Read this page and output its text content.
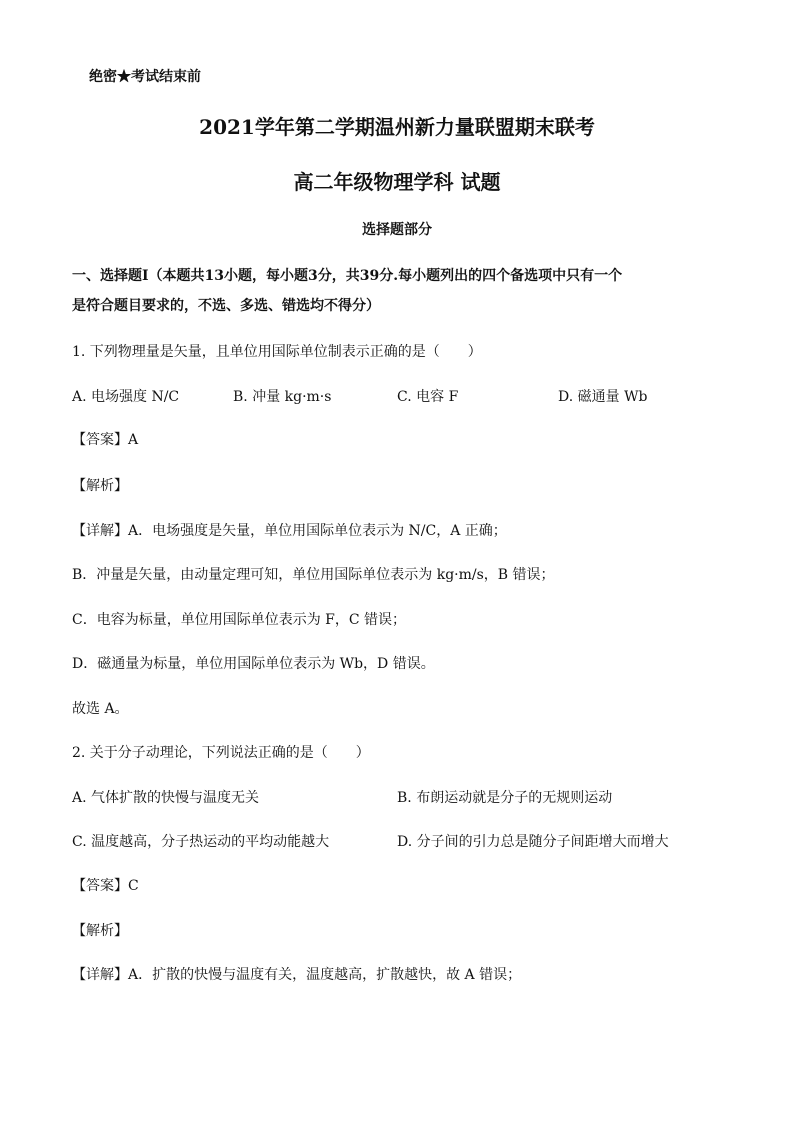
绝密★考试结束前
2021学年第二学期温州新力量联盟期末联考
高二年级物理学科 试题
选择题部分
一、选择题Ⅰ（本题共13小题，每小题3分，共39分.每小题列出的四个备选项中只有一个
是符合题目要求的，不选、多选、错选均不得分）
1. 下列物理量是矢量，且单位用国际单位制表示正确的是（　　）
A. 电场强度 N/C	B. 冲量 kg·m·s	C. 电容 F	D. 磁通量 Wb
【答案】A
【解析】
【详解】A．电场强度是矢量，单位用国际单位表示为 N/C，A 正确；
B．冲量是矢量，由动量定理可知，单位用国际单位表示为 kg·m/s，B 错误；
C．电容为标量，单位用国际单位表示为 F，C 错误；
D．磁通量为标量，单位用国际单位表示为 Wb，D 错误。
故选 A。
2. 关于分子动理论，下列说法正确的是（　　）
A. 气体扩散的快慢与温度无关	B. 布朗运动就是分子的无规则运动
C. 温度越高，分子热运动的平均动能越大	D. 分子间的引力总是随分子间距增大而增大
【答案】C
【解析】
【详解】A．扩散的快慢与温度有关，温度越高，扩散越快，故 A 错误；
